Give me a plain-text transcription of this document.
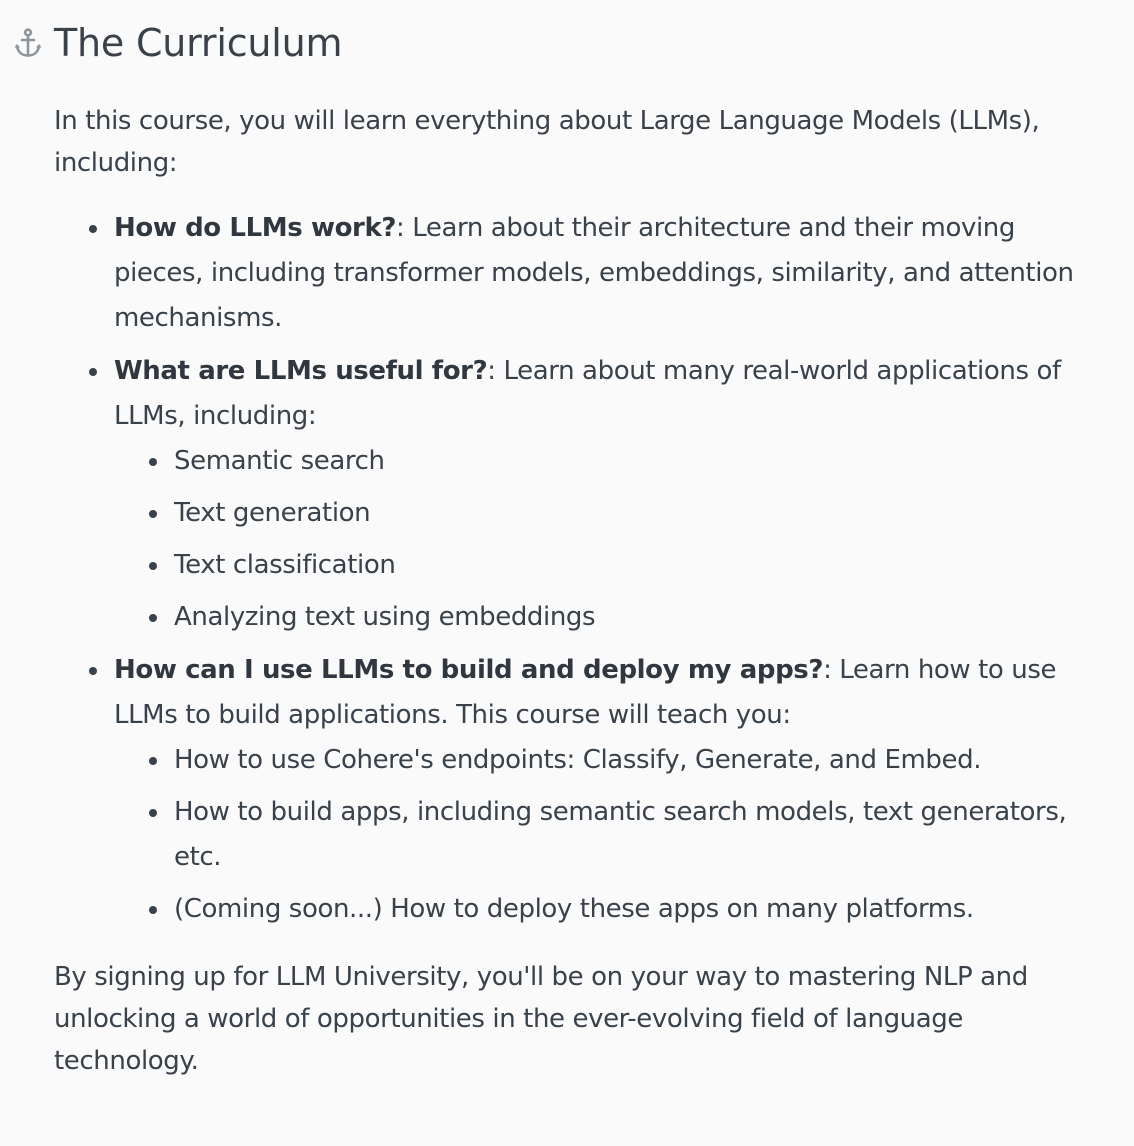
The Curriculum

In this course, you will learn everything about Large Language Models (LLMs), including:

How do LLMs work?: Learn about their architecture and their moving pieces, including transformer models, embeddings, similarity, and attention mechanisms.
What are LLMs useful for?: Learn about many real-world applications of LLMs, including:
Semantic search
Text generation
Text classification
Analyzing text using embeddings
How can I use LLMs to build and deploy my apps?: Learn how to use LLMs to build applications. This course will teach you:
How to use Cohere's endpoints: Classify, Generate, and Embed.
How to build apps, including semantic search models, text generators, etc.
(Coming soon...) How to deploy these apps on many platforms.

By signing up for LLM University, you'll be on your way to mastering NLP and unlocking a world of opportunities in the ever-evolving field of language technology.
